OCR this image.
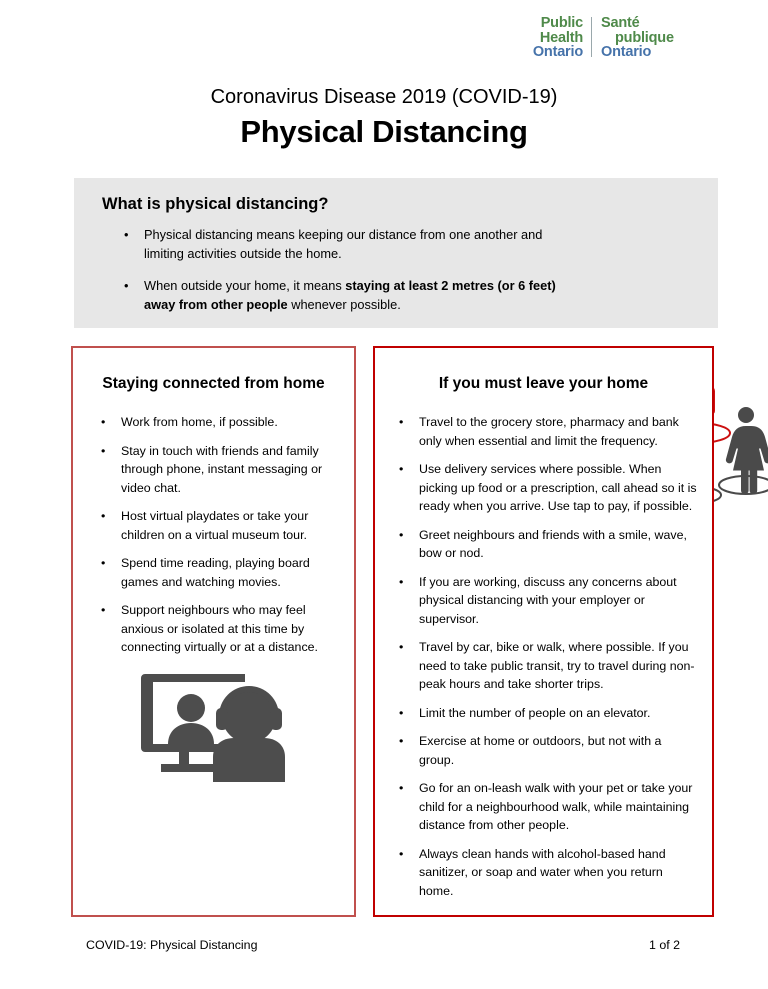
Public
Health
Ontario
Santé
publique
Ontario
Coronavirus Disease 2019 (COVID-19)
Physical Distancing
What is physical distancing?
• Physical distancing means keeping our distance from one another and limiting activities outside the home.
• When outside your home, it means staying at least 2 metres (or 6 feet) away from other people whenever possible.
Staying connected from home
• Work from home, if possible.
• Stay in touch with friends and family through phone, instant messaging or video chat.
• Host virtual playdates or take your children on a virtual museum tour.
• Spend time reading, playing board games and watching movies.
• Support neighbours who may feel anxious or isolated at this time by connecting virtually or at a distance.
If you must leave your home
• Travel to the grocery store, pharmacy and bank only when essential and limit the frequency.
• Use delivery services where possible. When picking up food or a prescription, call ahead so it is ready when you arrive. Use tap to pay, if possible.
• Greet neighbours and friends with a smile, wave, bow or nod.
• If you are working, discuss any concerns about physical distancing with your employer or supervisor.
• Travel by car, bike or walk, where possible. If you need to take public transit, try to travel during non-peak hours and take shorter trips.
• Limit the number of people on an elevator.
• Exercise at home or outdoors, but not with a group.
• Go for an on-leash walk with your pet or take your child for a neighbourhood walk, while maintaining distance from other people.
• Always clean hands with alcohol-based hand sanitizer, or soap and water when you return home.
COVID-19: Physical Distancing	1 of 2
